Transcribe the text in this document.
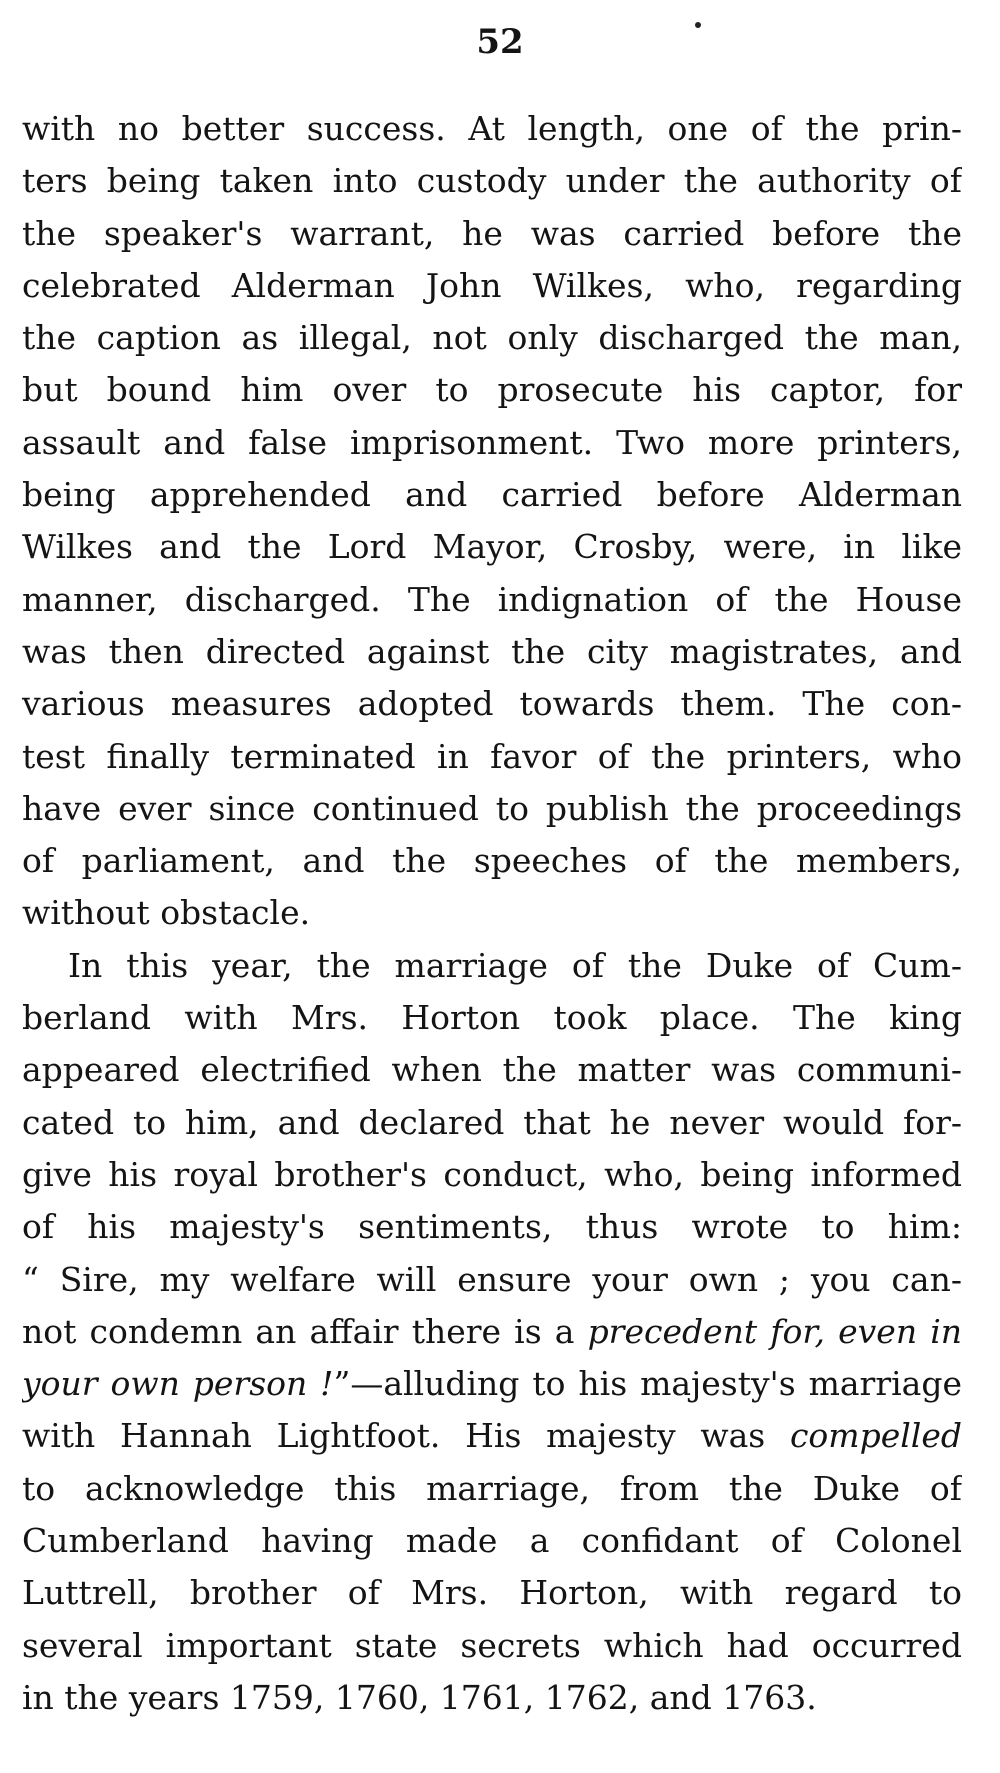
52
with no better success. At length, one of the prin-
ters being taken into custody under the authority of
the speaker's warrant, he was carried before the
celebrated Alderman John Wilkes, who, regarding
the caption as illegal, not only discharged the man,
but bound him over to prosecute his captor, for
assault and false imprisonment. Two more printers,
being apprehended and carried before Alderman
Wilkes and the Lord Mayor, Crosby, were, in like
manner, discharged. The indignation of the House
was then directed against the city magistrates, and
various measures adopted towards them. The con-
test finally terminated in favor of the printers, who
have ever since continued to publish the proceedings
of parliament, and the speeches of the members,
without obstacle.
In this year, the marriage of the Duke of Cum-
berland with Mrs. Horton took place. The king
appeared electrified when the matter was communi-
cated to him, and declared that he never would for-
give his royal brother's conduct, who, being informed
of his majesty's sentiments, thus wrote to him:
“ Sire, my welfare will ensure your own ; you can-
not condemn an affair there is a precedent for, even in
your own person !”—alluding to his majesty's marriage
with Hannah Lightfoot. His majesty was compelled
to acknowledge this marriage, from the Duke of
Cumberland having made a confidant of Colonel
Luttrell, brother of Mrs. Horton, with regard to
several important state secrets which had occurred
in the years 1759, 1760, 1761, 1762, and 1763.
